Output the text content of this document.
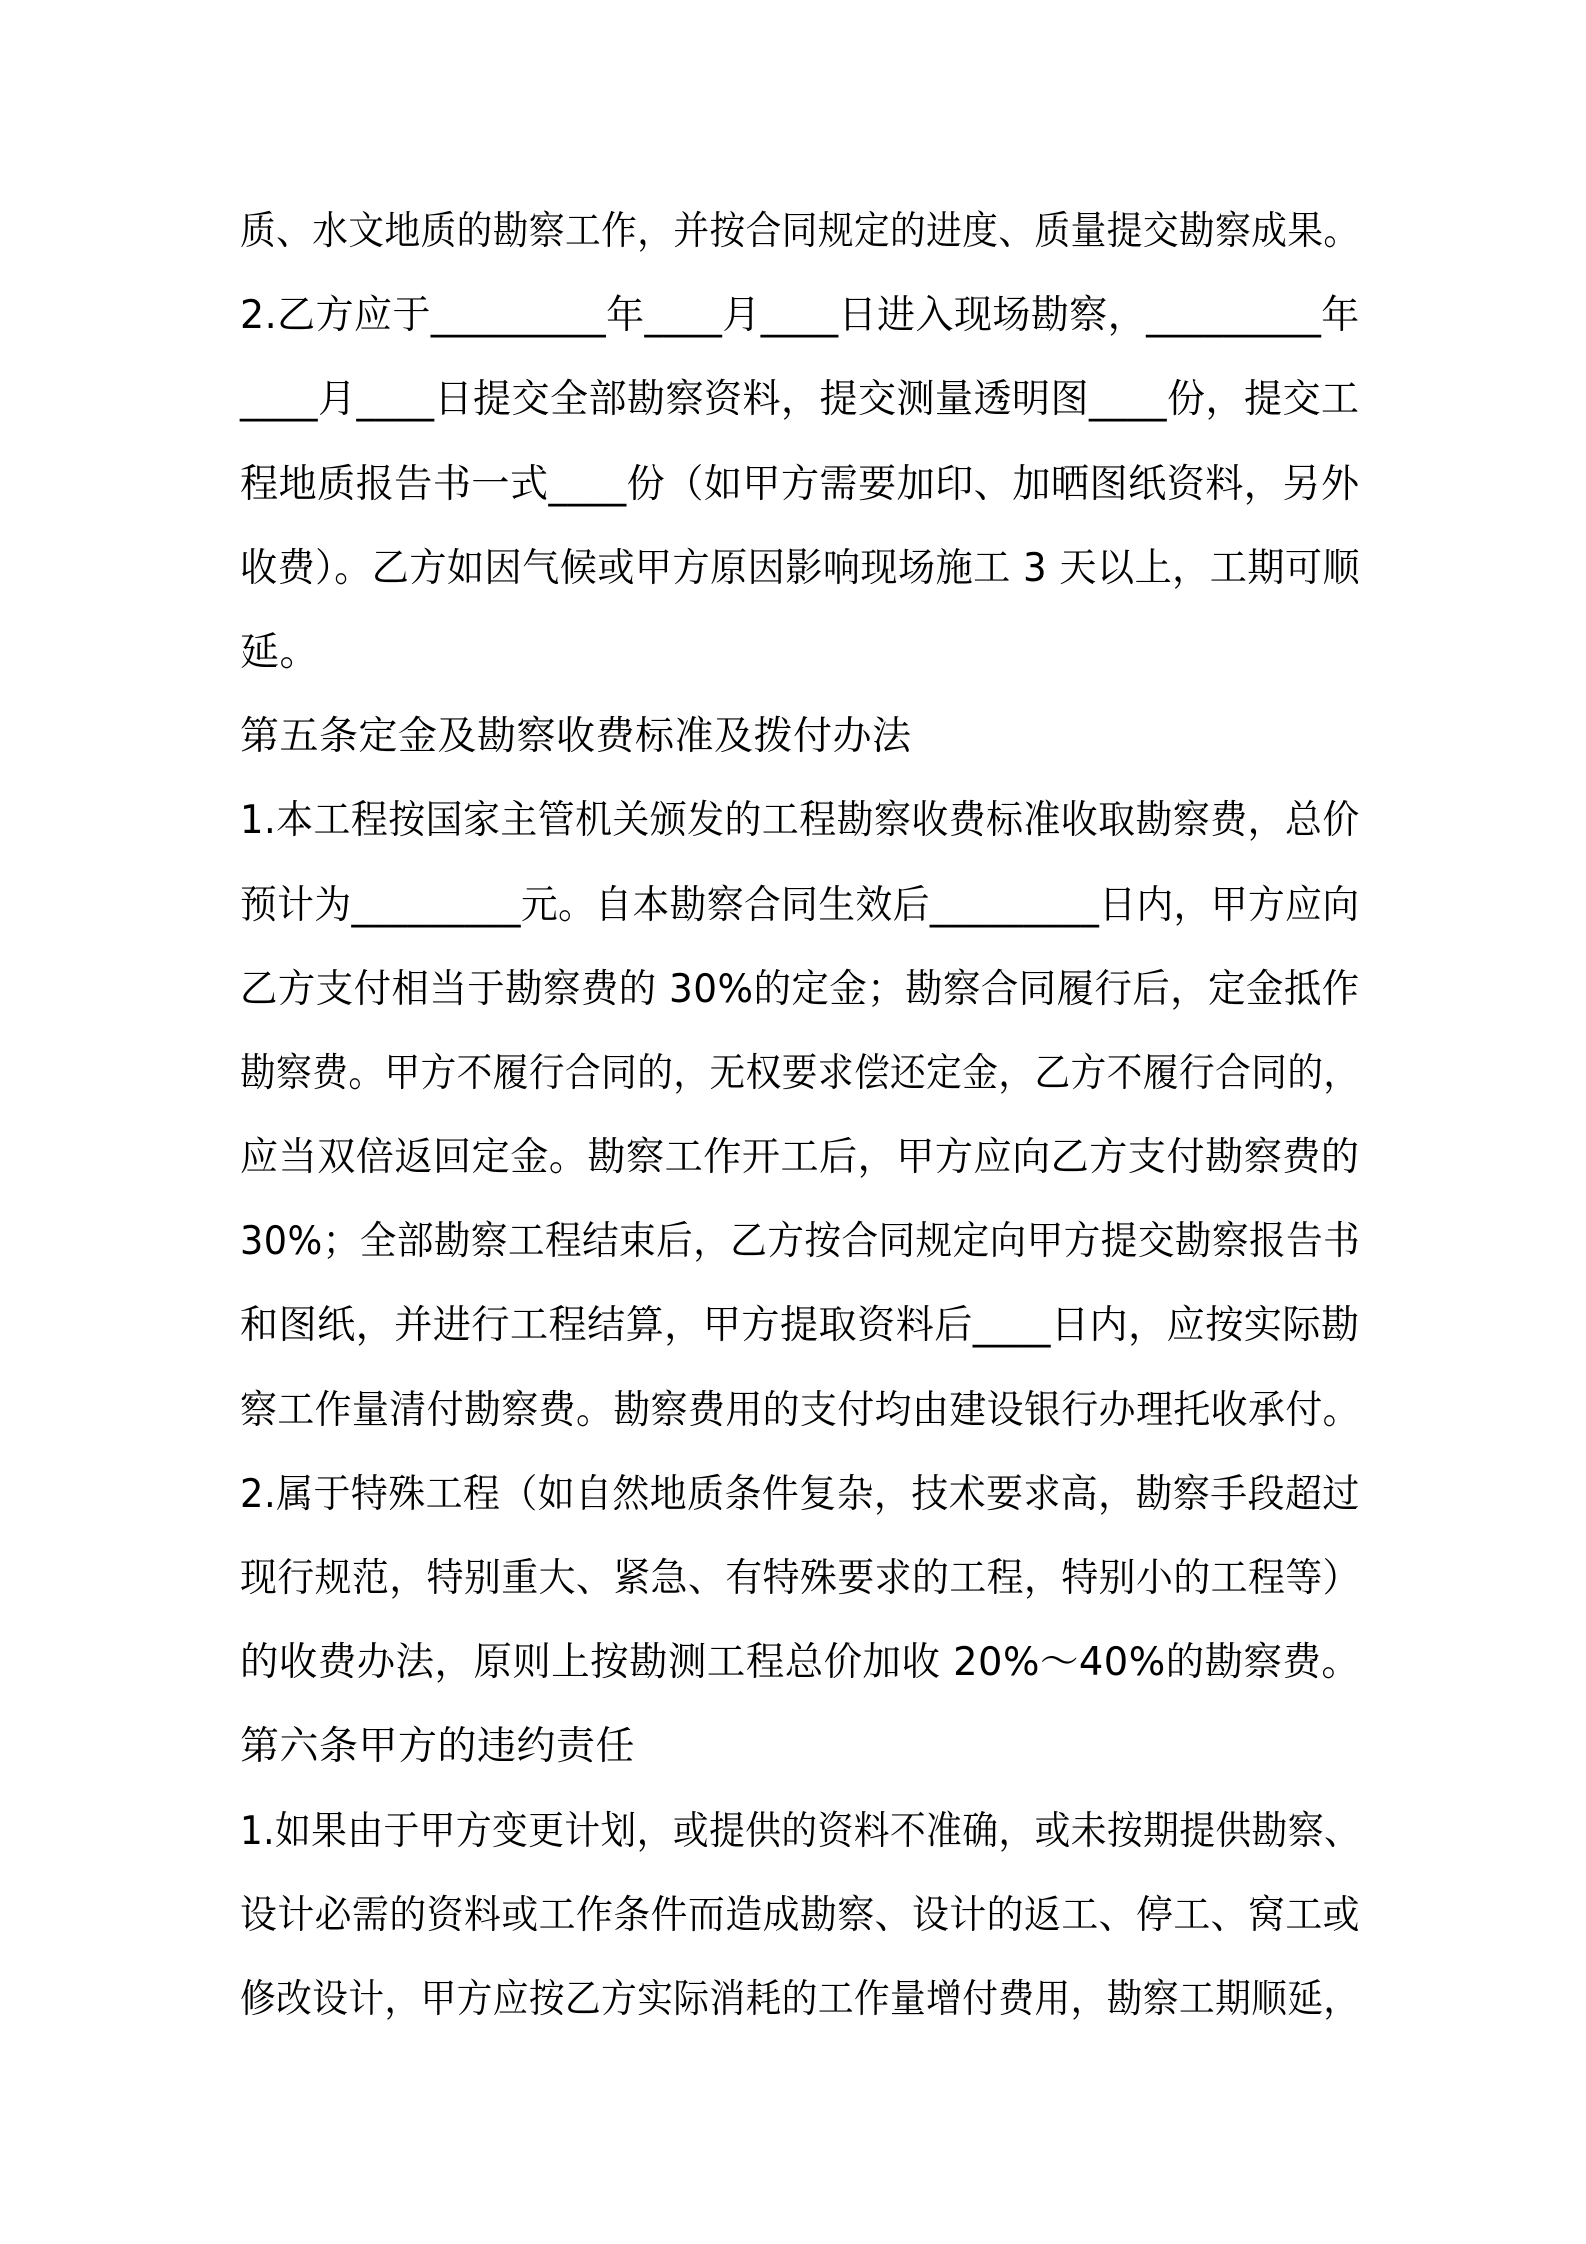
质、水文地质的勘察工作，并按合同规定的进度、质量提交勘察成果。
2.乙方应于_________年____月____日进入现场勘察，_________年
____月____日提交全部勘察资料，提交测量透明图____份，提交工
程地质报告书一式____份（如甲方需要加印、加晒图纸资料，另外
收费）。乙方如因气候或甲方原因影响现场施工 3 天以上，工期可顺
延。
第五条定金及勘察收费标准及拨付办法
1.本工程按国家主管机关颁发的工程勘察收费标准收取勘察费，总价
预计为_________元。自本勘察合同生效后_________日内，甲方应向
乙方支付相当于勘察费的 30%的定金；勘察合同履行后，定金抵作
勘察费。甲方不履行合同的，无权要求偿还定金，乙方不履行合同的，
应当双倍返回定金。勘察工作开工后，甲方应向乙方支付勘察费的
30%；全部勘察工程结束后，乙方按合同规定向甲方提交勘察报告书
和图纸，并进行工程结算，甲方提取资料后____日内，应按实际勘
察工作量清付勘察费。勘察费用的支付均由建设银行办理托收承付。
2.属于特殊工程（如自然地质条件复杂，技术要求高，勘察手段超过
现行规范，特别重大、紧急、有特殊要求的工程，特别小的工程等）
的收费办法，原则上按勘测工程总价加收 20%～40%的勘察费。
第六条甲方的违约责任
1.如果由于甲方变更计划，或提供的资料不准确，或未按期提供勘察、
设计必需的资料或工作条件而造成勘察、设计的返工、停工、窝工或
修改设计，甲方应按乙方实际消耗的工作量增付费用，勘察工期顺延，
